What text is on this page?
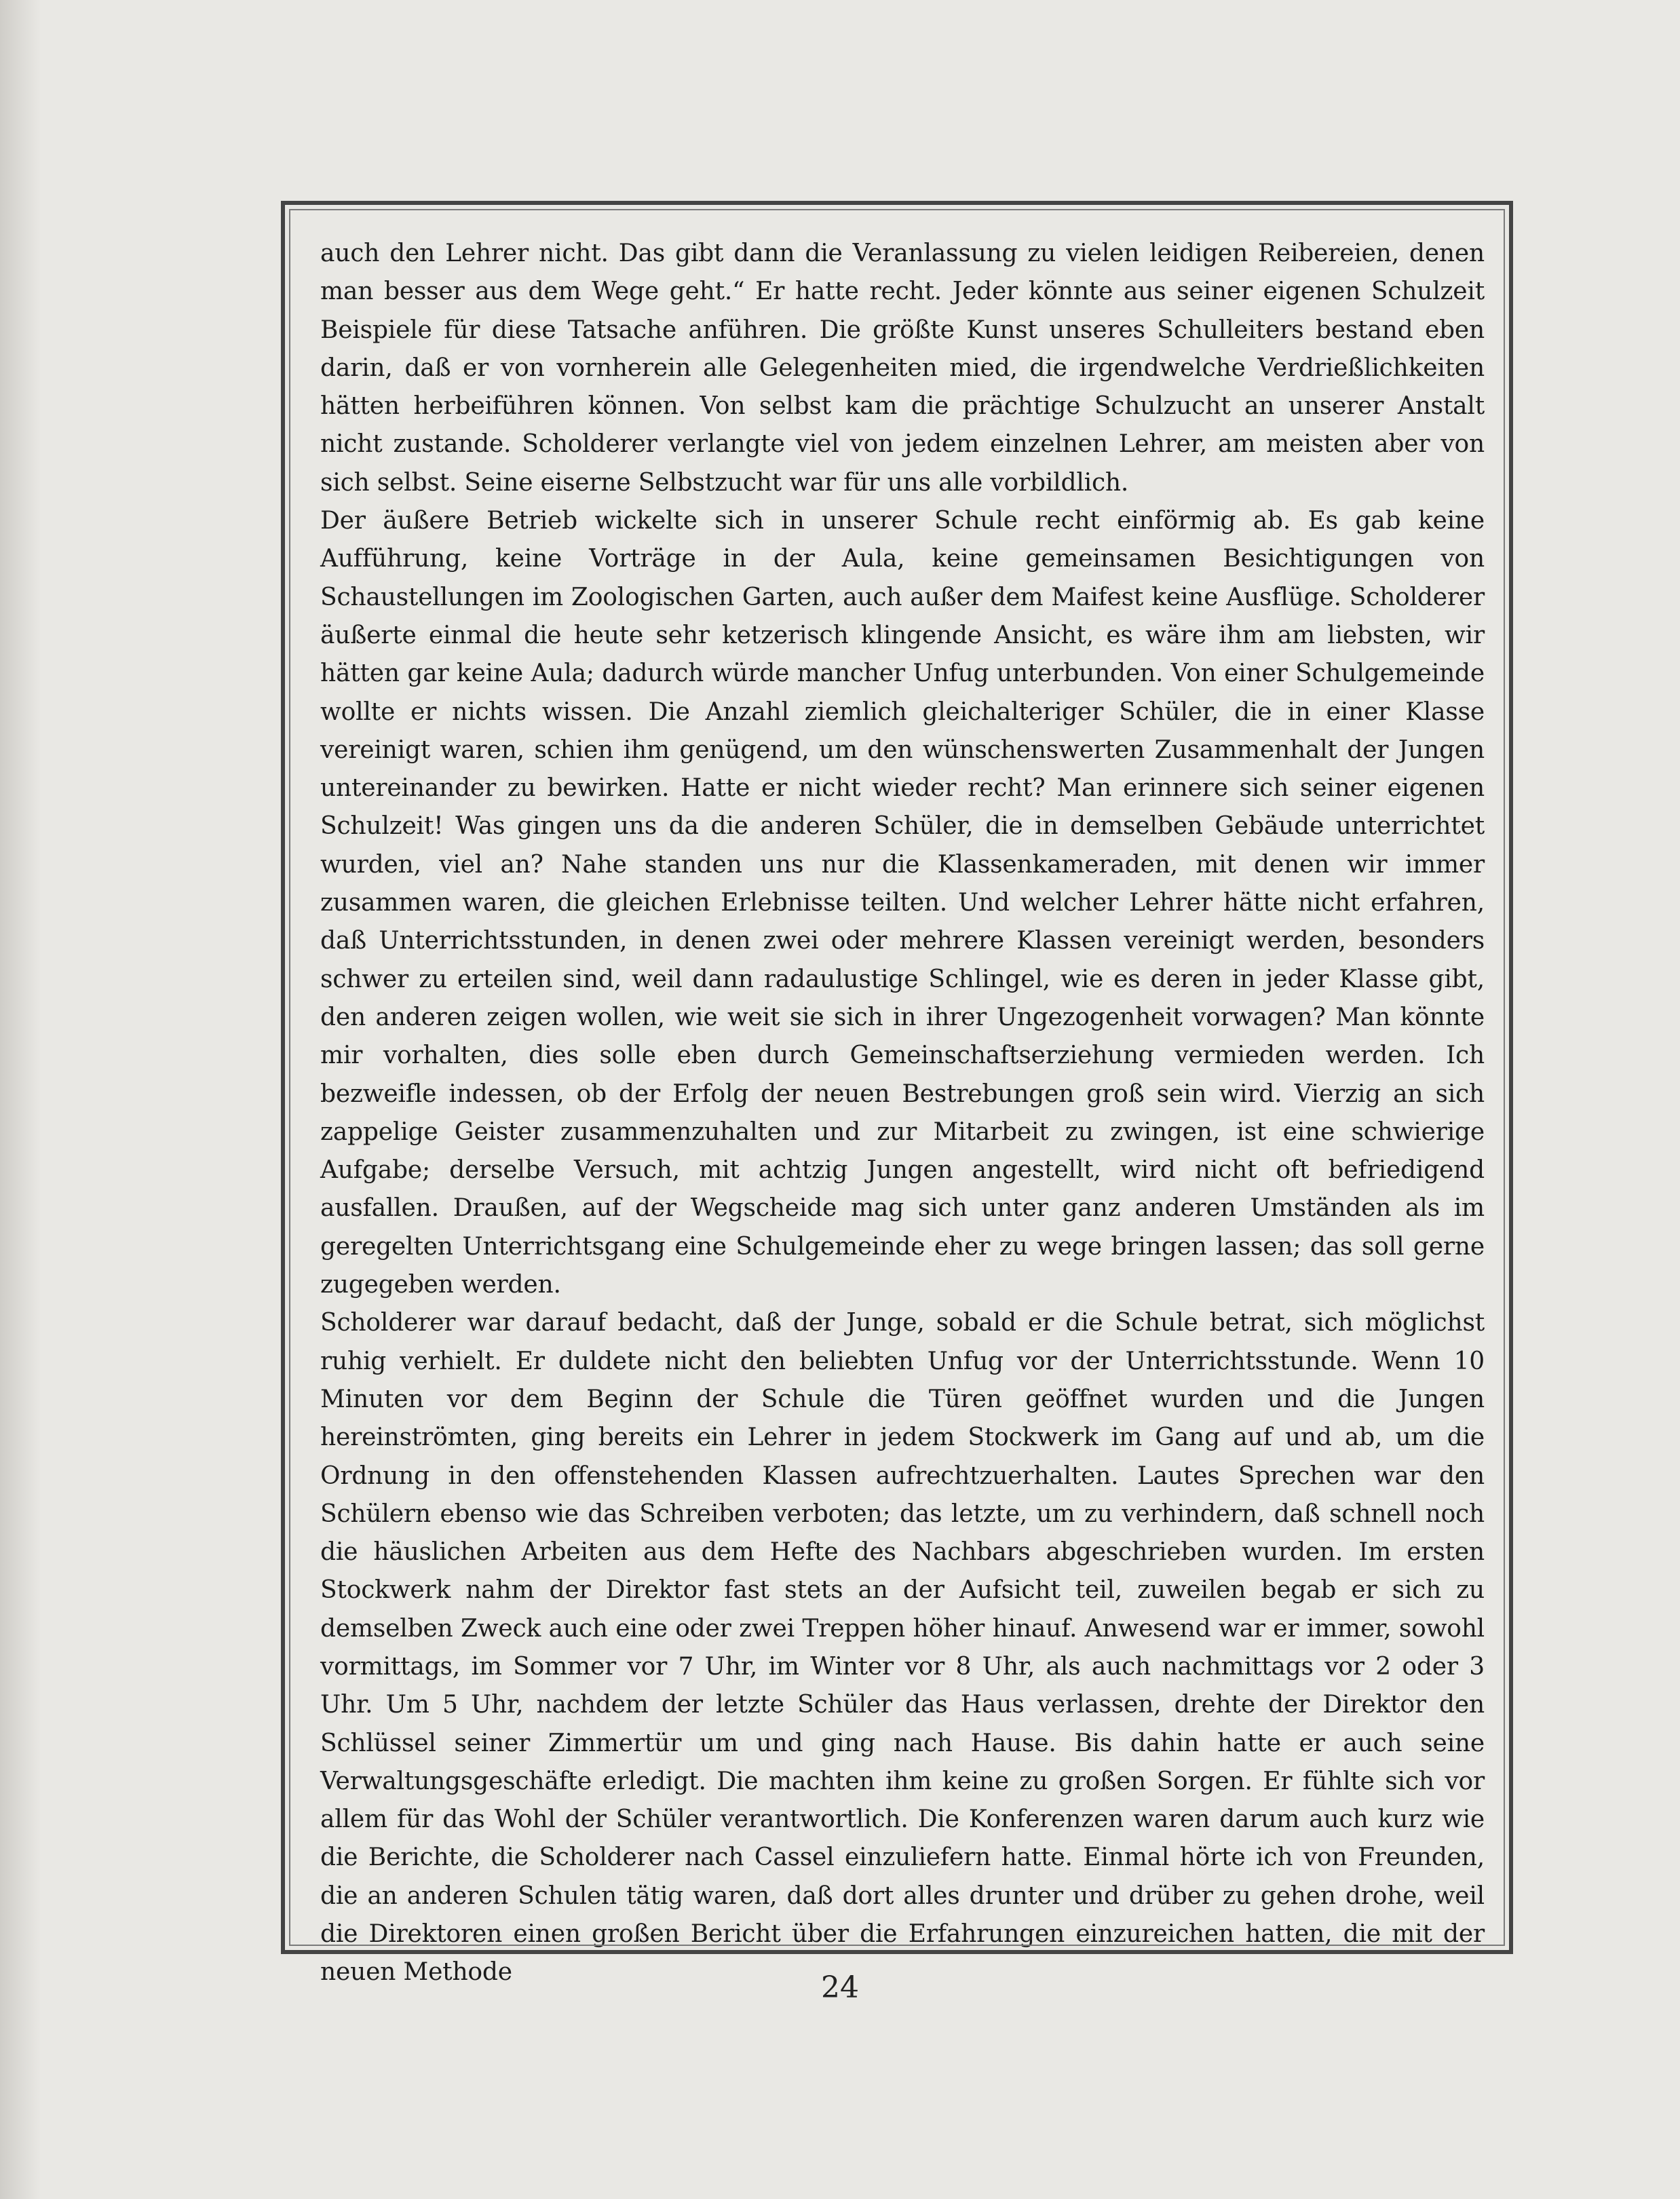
auch den Lehrer nicht. Das gibt dann die Veranlassung zu vielen leidigen Reibereien, denen man besser aus dem Wege geht.“ Er hatte recht. Jeder könnte aus seiner eigenen Schulzeit Beispiele für diese Tatsache anführen. Die größte Kunst unseres Schulleiters bestand eben darin, daß er von vornherein alle Gelegenheiten mied, die irgendwelche Verdrießlichkeiten hätten herbeiführen können. Von selbst kam die prächtige Schulzucht an unserer Anstalt nicht zustande. Scholderer verlangte viel von jedem einzelnen Lehrer, am meisten aber von sich selbst. Seine eiserne Selbstzucht war für uns alle vorbildlich.

Der äußere Betrieb wickelte sich in unserer Schule recht einförmig ab. Es gab keine Aufführung, keine Vorträge in der Aula, keine gemeinsamen Besichtigungen von Schaustellungen im Zoologischen Garten, auch außer dem Maifest keine Ausflüge. Scholderer äußerte einmal die heute sehr ketzerisch klingende Ansicht, es wäre ihm am liebsten, wir hätten gar keine Aula; dadurch würde mancher Unfug unterbunden. Von einer Schulgemeinde wollte er nichts wissen. Die Anzahl ziemlich gleichalteriger Schüler, die in einer Klasse vereinigt waren, schien ihm genügend, um den wünschenswerten Zusammenhalt der Jungen untereinander zu bewirken. Hatte er nicht wieder recht? Man erinnere sich seiner eigenen Schulzeit! Was gingen uns da die anderen Schüler, die in demselben Gebäude unterrichtet wurden, viel an? Nahe standen uns nur die Klassenkameraden, mit denen wir immer zusammen waren, die gleichen Erlebnisse teilten. Und welcher Lehrer hätte nicht erfahren, daß Unterrichtsstunden, in denen zwei oder mehrere Klassen vereinigt werden, besonders schwer zu erteilen sind, weil dann radaulustige Schlingel, wie es deren in jeder Klasse gibt, den anderen zeigen wollen, wie weit sie sich in ihrer Ungezogenheit vorwagen? Man könnte mir vorhalten, dies solle eben durch Gemeinschaftserziehung vermieden werden. Ich bezweifle indessen, ob der Erfolg der neuen Bestrebungen groß sein wird. Vierzig an sich zappelige Geister zusammenzuhalten und zur Mitarbeit zu zwingen, ist eine schwierige Aufgabe; derselbe Versuch, mit achtzig Jungen angestellt, wird nicht oft befriedigend ausfallen. Draußen, auf der Wegscheide mag sich unter ganz anderen Umständen als im geregelten Unterrichtsgang eine Schulgemeinde eher zu wege bringen lassen; das soll gerne zugegeben werden.

Scholderer war darauf bedacht, daß der Junge, sobald er die Schule betrat, sich möglichst ruhig verhielt. Er duldete nicht den beliebten Unfug vor der Unterrichtsstunde. Wenn 10 Minuten vor dem Beginn der Schule die Türen geöffnet wurden und die Jungen hereinströmten, ging bereits ein Lehrer in jedem Stockwerk im Gang auf und ab, um die Ordnung in den offenstehenden Klassen aufrechtzuerhalten. Lautes Sprechen war den Schülern ebenso wie das Schreiben verboten; das letzte, um zu verhindern, daß schnell noch die häuslichen Arbeiten aus dem Hefte des Nachbars abgeschrieben wurden. Im ersten Stockwerk nahm der Direktor fast stets an der Aufsicht teil, zuweilen begab er sich zu demselben Zweck auch eine oder zwei Treppen höher hinauf. Anwesend war er immer, sowohl vormittags, im Sommer vor 7 Uhr, im Winter vor 8 Uhr, als auch nachmittags vor 2 oder 3 Uhr. Um 5 Uhr, nachdem der letzte Schüler das Haus verlassen, drehte der Direktor den Schlüssel seiner Zimmertür um und ging nach Hause. Bis dahin hatte er auch seine Verwaltungsgeschäfte erledigt. Die machten ihm keine zu großen Sorgen. Er fühlte sich vor allem für das Wohl der Schüler verantwortlich. Die Konferenzen waren darum auch kurz wie die Berichte, die Scholderer nach Cassel einzuliefern hatte. Einmal hörte ich von Freunden, die an anderen Schulen tätig waren, daß dort alles drunter und drüber zu gehen drohe, weil die Direktoren einen großen Bericht über die Erfahrungen einzureichen hatten, die mit der neuen Methode	24
